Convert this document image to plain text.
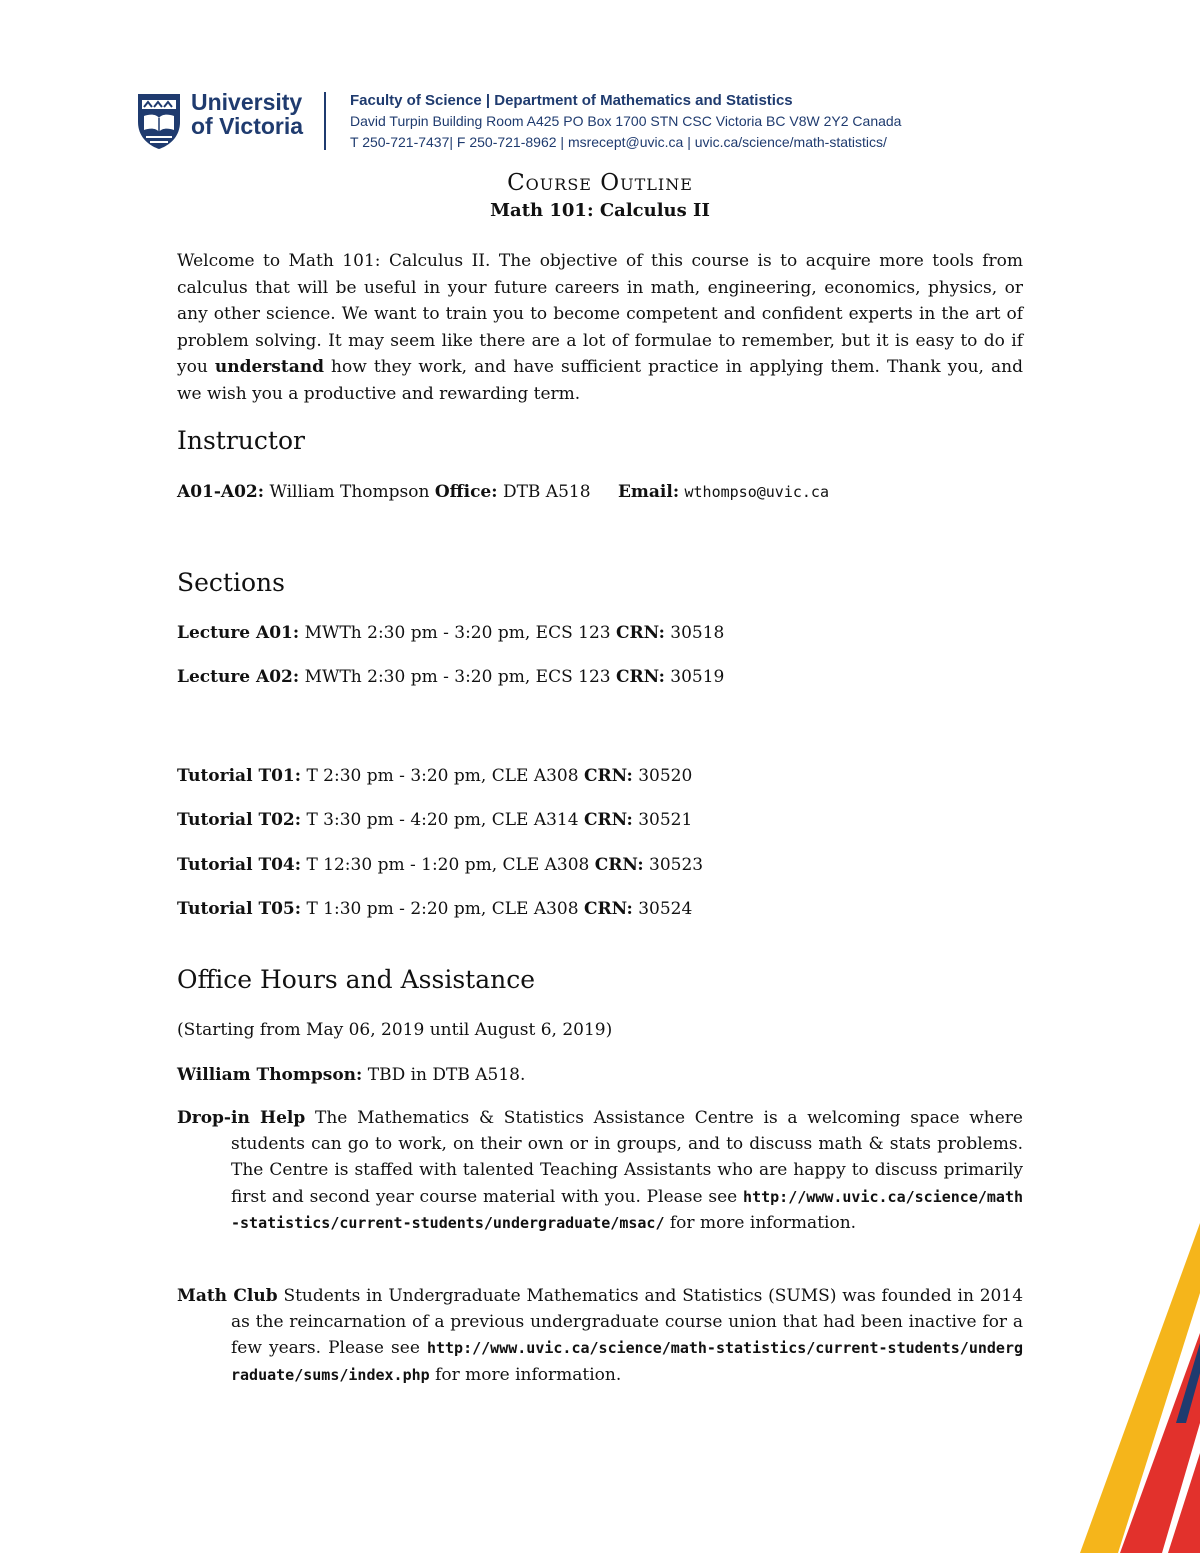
University
of Victoria
Faculty of Science | Department of Mathematics and Statistics
David Turpin Building Room A425 PO Box 1700 STN CSC Victoria BC V8W 2Y2 Canada
T 250-721-7437| F 250-721-8962 | msrecept@uvic.ca | uvic.ca/science/math-statistics/
Course Outline
Math 101: Calculus II
Welcome to Math 101: Calculus II. The objective of this course is to acquire more tools from calculus that will be useful in your future careers in math, engineering, economics, physics, or any other science. We want to train you to become competent and confident experts in the art of problem solving. It may seem like there are a lot of formulae to remember, but it is easy to do if you understand how they work, and have sufficient practice in applying them. Thank you, and we wish you a productive and rewarding term.
Instructor
A01-A02: William Thompson Office: DTB A518 Email: wthompso@uvic.ca
Sections
Lecture A01: MWTh 2:30 pm - 3:20 pm, ECS 123 CRN: 30518
Lecture A02: MWTh 2:30 pm - 3:20 pm, ECS 123 CRN: 30519
Tutorial T01: T 2:30 pm - 3:20 pm, CLE A308 CRN: 30520
Tutorial T02: T 3:30 pm - 4:20 pm, CLE A314 CRN: 30521
Tutorial T04: T 12:30 pm - 1:20 pm, CLE A308 CRN: 30523
Tutorial T05: T 1:30 pm - 2:20 pm, CLE A308 CRN: 30524
Office Hours and Assistance
(Starting from May 06, 2019 until August 6, 2019)
William Thompson: TBD in DTB A518.

Drop-in Help The Mathematics & Statistics Assistance Centre is a welcoming space where students can go to work, on their own or in groups, and to discuss math & stats problems. The Centre is staffed with talented Teaching Assistants who are happy to discuss primarily first and second year course material with you. Please see http://www.uvic.ca/science/math-statistics/current-students/undergraduate/msac/ for more information.

Math Club Students in Undergraduate Mathematics and Statistics (SUMS) was founded in 2014 as the reincarnation of a previous undergraduate course union that had been inactive for a few years. Please see http://www.uvic.ca/science/math-statistics/current-students/undergraduate/sums/index.php for more information.
